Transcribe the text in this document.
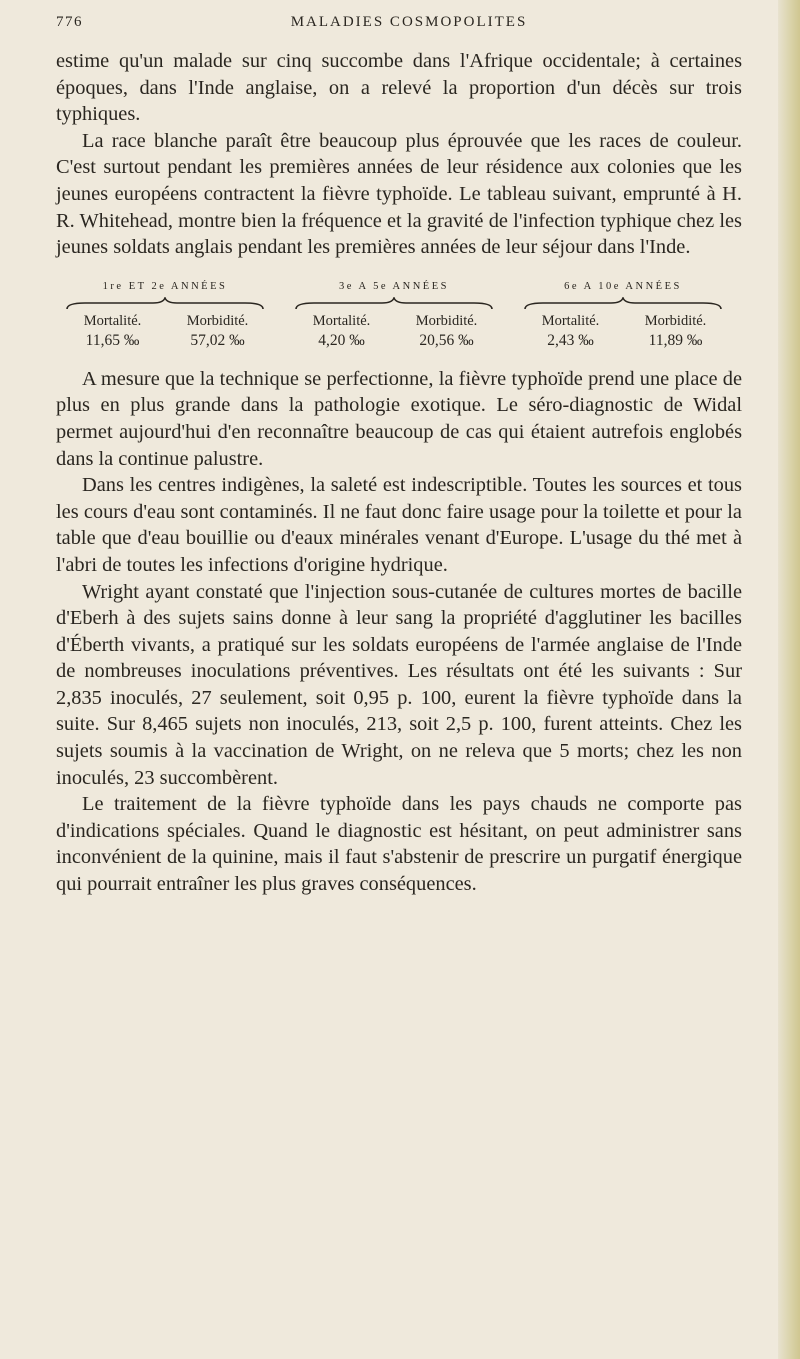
776	MALADIES COSMOPOLITES

estime qu'un malade sur cinq succombe dans l'Afrique occidentale; à certaines époques, dans l'Inde anglaise, on a relevé la proportion d'un décès sur trois typhiques.

La race blanche paraît être beaucoup plus éprouvée que les races de couleur. C'est surtout pendant les premières années de leur résidence aux colonies que les jeunes européens contractent la fièvre typhoïde. Le tableau suivant, emprunté à H. R. Whitehead, montre bien la fréquence et la gravité de l'infection typhique chez les jeunes soldats anglais pendant les premières années de leur séjour dans l'Inde.

1re ET 2e ANNÉES
Mortalité.	Morbidité.
11,65 ‰	57,02 ‰
3e A 5e ANNÉES
Mortalité.	Morbidité.
4,20 ‰	20,56 ‰
6e A 10e ANNÉES
Mortalité.	Morbidité.
2,43 ‰	11,89 ‰

A mesure que la technique se perfectionne, la fièvre typhoïde prend une place de plus en plus grande dans la pathologie exotique. Le séro-diagnostic de Widal permet aujourd'hui d'en reconnaître beaucoup de cas qui étaient autrefois englobés dans la continue palustre.

Dans les centres indigènes, la saleté est indescriptible. Toutes les sources et tous les cours d'eau sont contaminés. Il ne faut donc faire usage pour la toilette et pour la table que d'eau bouillie ou d'eaux minérales venant d'Europe. L'usage du thé met à l'abri de toutes les infections d'origine hydrique.

Wright ayant constaté que l'injection sous-cutanée de cultures mortes de bacille d'Eberh à des sujets sains donne à leur sang la propriété d'agglutiner les bacilles d'Éberth vivants, a pratiqué sur les soldats européens de l'armée anglaise de l'Inde de nombreuses inoculations préventives. Les résultats ont été les suivants : Sur 2,835 inoculés, 27 seulement, soit 0,95 p. 100, eurent la fièvre typhoïde dans la suite. Sur 8,465 sujets non inoculés, 213, soit 2,5 p. 100, furent atteints. Chez les sujets soumis à la vaccination de Wright, on ne releva que 5 morts; chez les non inoculés, 23 succombèrent.

Le traitement de la fièvre typhoïde dans les pays chauds ne comporte pas d'indications spéciales. Quand le diagnostic est hésitant, on peut administrer sans inconvénient de la quinine, mais il faut s'abstenir de prescrire un purgatif énergique qui pourrait entraîner les plus graves conséquences.
